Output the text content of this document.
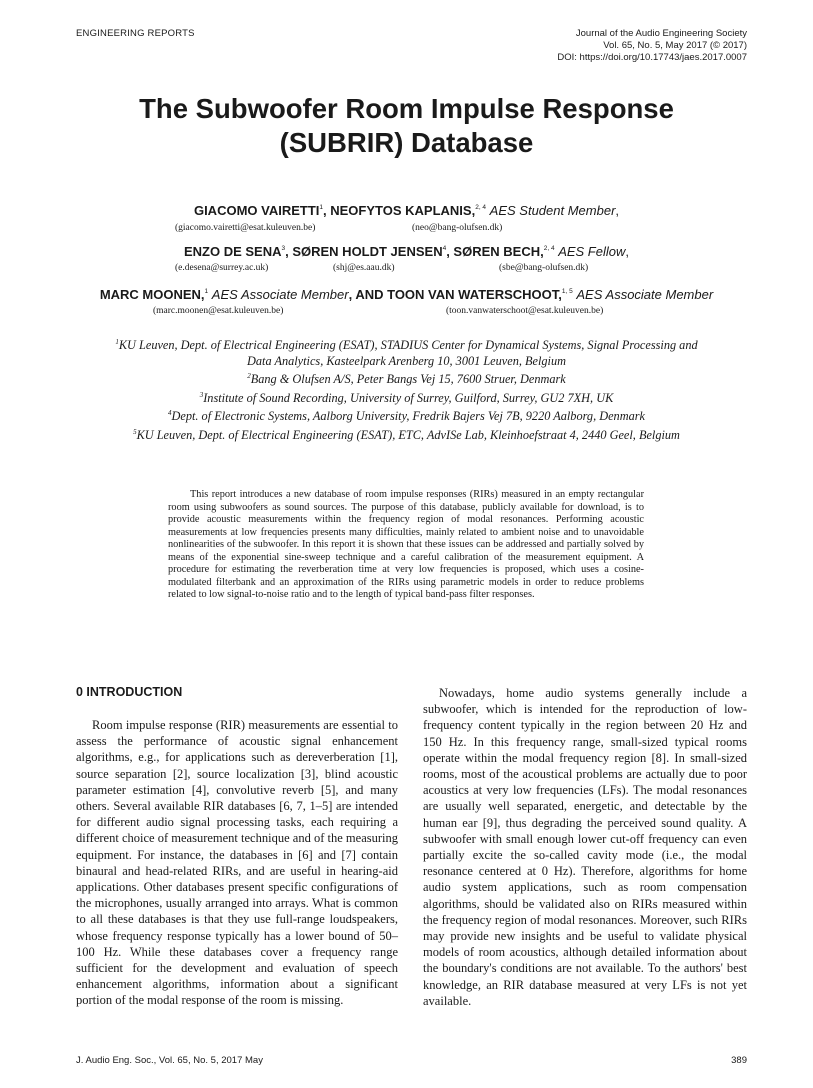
ENGINEERING REPORTS	Journal of the Audio Engineering Society
Vol. 65, No. 5, May 2017 (© 2017)
DOI: https://doi.org/10.17743/jaes.2017.0007
The Subwoofer Room Impulse Response
(SUBRIR) Database
GIACOMO VAIRETTI$^1$, NEOFYTOS KAPLANIS,$^{2, 4}$ AES Student Member,
(giacomo.vairetti@esat.kuleuven.be)	(neo@bang-olufsen.dk)
ENZO DE SENA$^3$, SØREN HOLDT JENSEN$^4$, SØREN BECH,$^{2, 4}$ AES Fellow,
(e.desena@surrey.ac.uk)	(shj@es.aau.dk)	(sbe@bang-olufsen.dk)
MARC MOONEN,$^1$ AES Associate Member, AND TOON VAN WATERSCHOOT,$^{1, 5}$ AES Associate Member
(marc.moonen@esat.kuleuven.be)	(toon.vanwaterschoot@esat.kuleuven.be)
$^1$KU Leuven, Dept. of Electrical Engineering (ESAT), STADIUS Center for Dynamical Systems, Signal Processing and
Data Analytics, Kasteelpark Arenberg 10, 3001 Leuven, Belgium
$^2$Bang & Olufsen A/S, Peter Bangs Vej 15, 7600 Struer, Denmark
$^3$Institute of Sound Recording, University of Surrey, Guilford, Surrey, GU2 7XH, UK
$^4$Dept. of Electronic Systems, Aalborg University, Fredrik Bajers Vej 7B, 9220 Aalborg, Denmark
$^5$KU Leuven, Dept. of Electrical Engineering (ESAT), ETC, AdvISe Lab, Kleinhoefstraat 4, 2440 Geel, Belgium
This report introduces a new database of room impulse responses (RIRs) measured in an empty rectangular room using subwoofers as sound sources. The purpose of this database, publicly available for download, is to provide acoustic measurements within the frequency region of modal resonances. Performing acoustic measurements at low frequencies presents many difficulties, mainly related to ambient noise and to unavoidable nonlinearities of the subwoofer. In this report it is shown that these issues can be addressed and partially solved by means of the exponential sine-sweep technique and a careful calibration of the measurement equipment. A procedure for estimating the reverberation time at very low frequencies is proposed, which uses a cosine-modulated filterbank and an approximation of the RIRs using parametric models in order to reduce problems related to low signal-to-noise ratio and to the length of typical band-pass filter responses.
0 INTRODUCTION

Room impulse response (RIR) measurements are essential to assess the performance of acoustic signal enhancement algorithms, e.g., for applications such as dereverberation [1], source separation [2], source localization [3], blind acoustic parameter estimation [4], convolutive reverb [5], and many others. Several available RIR databases [6, 7, 1–5] are intended for different audio signal processing tasks, each requiring a different choice of measurement technique and of the measuring equipment. For instance, the databases in [6] and [7] contain binaural and head-related RIRs, and are useful in hearing-aid applications. Other databases present specific configurations of the microphones, usually arranged into arrays. What is common to all these databases is that they use full-range loudspeakers, whose frequency response typically has a lower bound of 50–100 Hz. While these databases cover a frequency range sufficient for the development and evaluation of speech enhancement algorithms, information about a significant portion of the modal response of the room is missing.

Nowadays, home audio systems generally include a subwoofer, which is intended for the reproduction of low-frequency content typically in the region between 20 Hz and 150 Hz. In this frequency range, small-sized typical rooms operate within the modal frequency region [8]. In small-sized rooms, most of the acoustical problems are actually due to poor acoustics at very low frequencies (LFs). The modal resonances are usually well separated, energetic, and detectable by the human ear [9], thus degrading the perceived sound quality. A subwoofer with small enough lower cut-off frequency can even partially excite the so-called cavity mode (i.e., the modal resonance centered at 0 Hz). Therefore, algorithms for home audio system applications, such as room compensation algorithms, should be validated also on RIRs measured within the frequency region of modal resonances. Moreover, such RIRs may provide new insights and be useful to validate physical models of room acoustics, although detailed information about the boundary's conditions are not available. To the authors' best knowledge, an RIR database measured at very LFs is not yet available.

J. Audio Eng. Soc., Vol. 65, No. 5, 2017 May	389
